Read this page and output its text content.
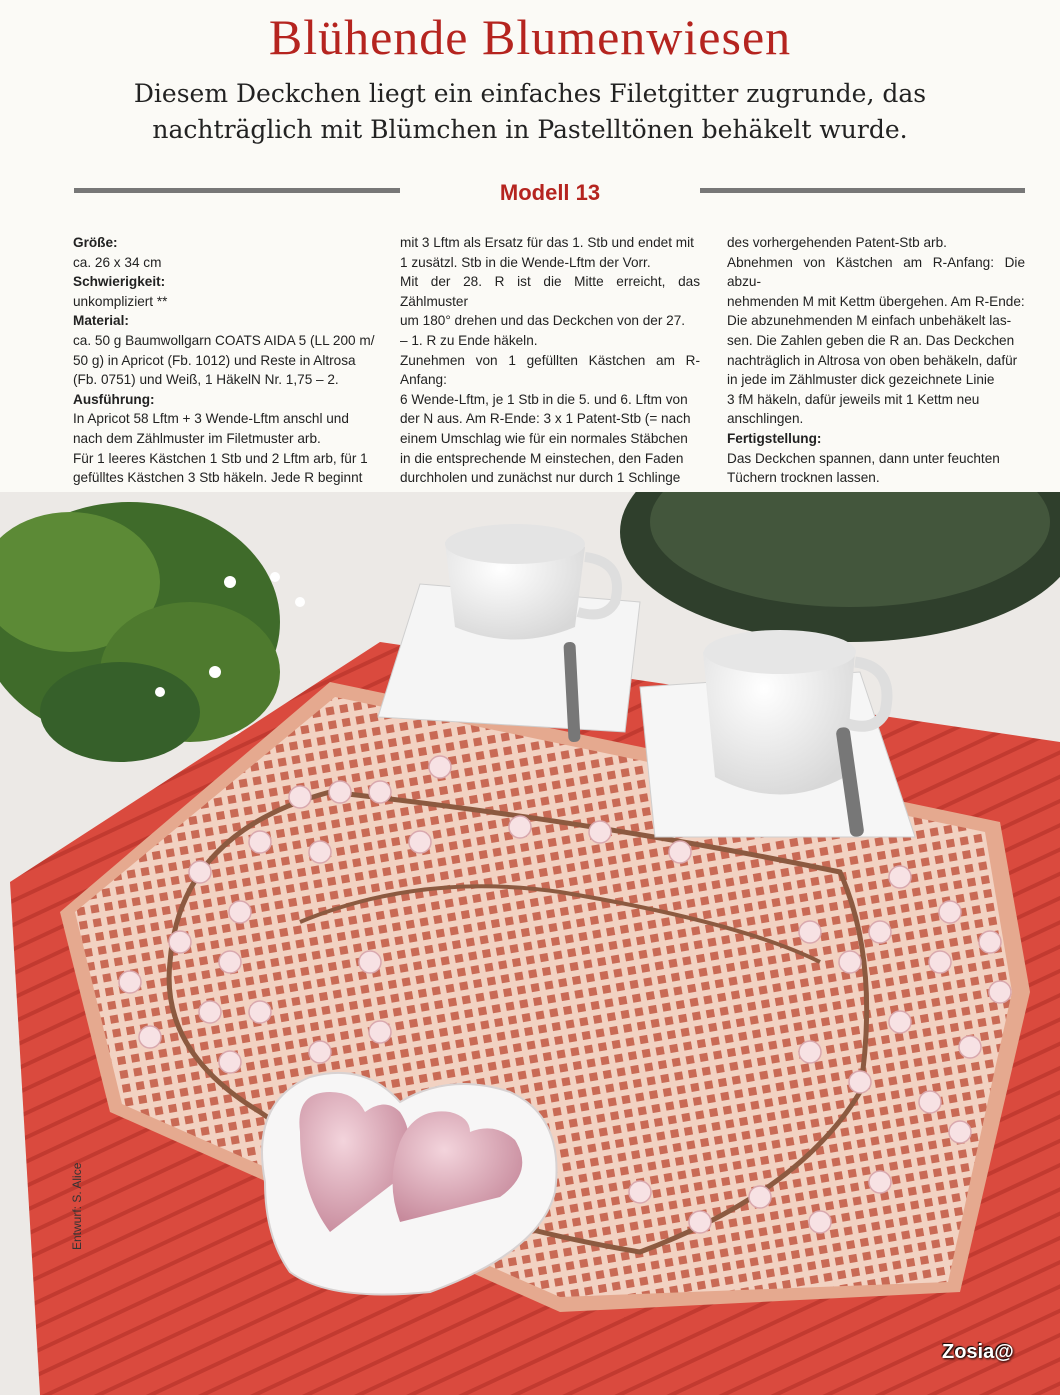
Blühende Blumenwiesen
Diesem Deckchen liegt ein einfaches Filetgitter zugrunde, das
nachträglich mit Blümchen in Pastelltönen behäkelt wurde.
Modell 13

Größe:

ca. 26 x 34 cm

Schwierigkeit:

unkompliziert **

Material:

ca. 50 g Baumwollgarn COATS AIDA 5 (LL 200 m/

50 g) in Apricot (Fb. 1012) und Reste in Altrosa

(Fb. 0751) und Weiß, 1 HäkelN Nr. 1,75 – 2.

Ausführung:

In Apricot 58 Lftm + 3 Wende-Lftm anschl und

nach dem Zählmuster im Filetmuster arb.

Für 1 leeres Kästchen 1 Stb und 2 Lftm arb, für 1

gefülltes Kästchen 3 Stb häkeln. Jede R beginnt

mit 3 Lftm als Ersatz für das 1. Stb und endet mit

1 zusätzl. Stb in die Wende-Lftm der Vorr.

Mit der 28. R ist die Mitte erreicht, das Zählmuster

um 180° drehen und das Deckchen von der 27.

– 1. R zu Ende häkeln.

Zunehmen von 1 gefüllten Kästchen am R-Anfang:

6 Wende-Lftm, je 1 Stb in die 5. und 6. Lftm von

der N aus. Am R-Ende: 3 x 1 Patent-Stb (= nach

einem Umschlag wie für ein normales Stäbchen

in die entsprechende M einstechen, den Faden

durchholen und zunächst nur durch 1 Schlinge

des vorhergehenden Patent-Stb arb.

Abnehmen von Kästchen am R-Anfang: Die abzu-

nehmenden M mit Kettm übergehen. Am R-Ende:

Die abzunehmenden M einfach unbehäkelt las-

sen. Die Zahlen geben die R an. Das Deckchen

nachträglich in Altrosa von oben behäkeln, dafür

in jede im Zählmuster dick gezeichnete Linie

3 fM häkeln, dafür jeweils mit 1 Kettm neu

anschlingen.

Fertigstellung:

Das Deckchen spannen, dann unter feuchten

Tüchern trocknen lassen.

Entwurf: S. Alice
Zosia@
